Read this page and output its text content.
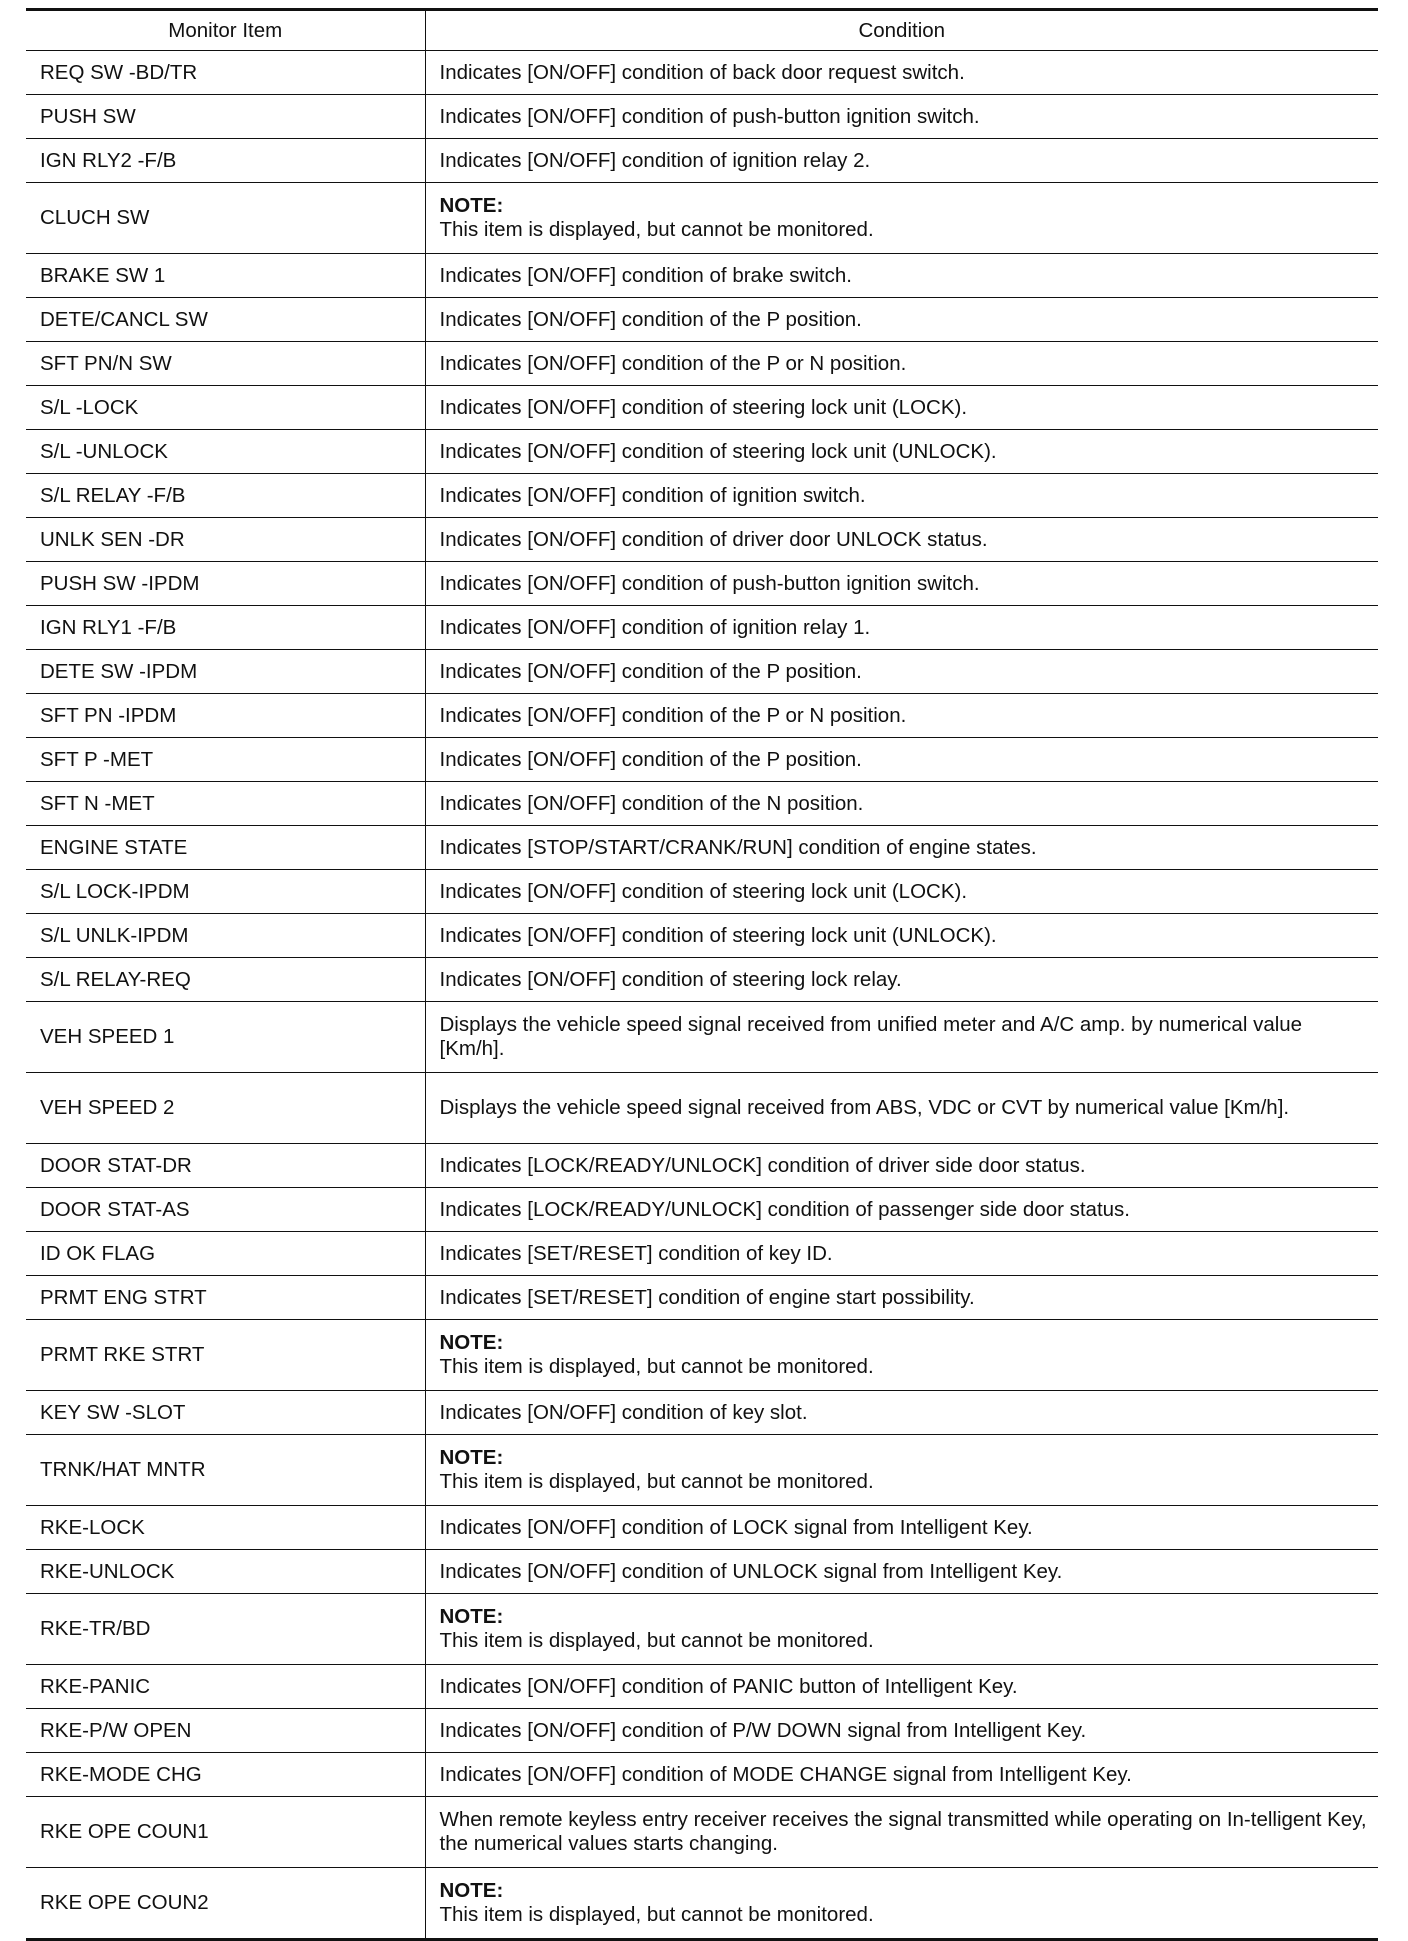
Monitor Item	Condition
REQ SW -BD/TR	Indicates [ON/OFF] condition of back door request switch.
PUSH SW	Indicates [ON/OFF] condition of push-button ignition switch.
IGN RLY2 -F/B	Indicates [ON/OFF] condition of ignition relay 2.
CLUCH SW	NOTE:
This item is displayed, but cannot be monitored.

BRAKE SW 1	Indicates [ON/OFF] condition of brake switch.
DETE/CANCL SW	Indicates [ON/OFF] condition of the P position.
SFT PN/N SW	Indicates [ON/OFF] condition of the P or N position.
S/L -LOCK	Indicates [ON/OFF] condition of steering lock unit (LOCK).
S/L -UNLOCK	Indicates [ON/OFF] condition of steering lock unit (UNLOCK).
S/L RELAY -F/B	Indicates [ON/OFF] condition of ignition switch.
UNLK SEN -DR	Indicates [ON/OFF] condition of driver door UNLOCK status.
PUSH SW -IPDM	Indicates [ON/OFF] condition of push-button ignition switch.
IGN RLY1 -F/B	Indicates [ON/OFF] condition of ignition relay 1.
DETE SW -IPDM	Indicates [ON/OFF] condition of the P position.
SFT PN -IPDM	Indicates [ON/OFF] condition of the P or N position.
SFT P -MET	Indicates [ON/OFF] condition of the P position.
SFT N -MET	Indicates [ON/OFF] condition of the N position.
ENGINE STATE	Indicates [STOP/START/CRANK/RUN] condition of engine states.
S/L LOCK-IPDM	Indicates [ON/OFF] condition of steering lock unit (LOCK).
S/L UNLK-IPDM	Indicates [ON/OFF] condition of steering lock unit (UNLOCK).
S/L RELAY-REQ	Indicates [ON/OFF] condition of steering lock relay.
VEH SPEED 1	Displays the vehicle speed signal received from unified meter and A/C amp. by numerical value [Km/h].
VEH SPEED 2	Displays the vehicle speed signal received from ABS, VDC or CVT by numerical value [Km/h].
DOOR STAT-DR	Indicates [LOCK/READY/UNLOCK] condition of driver side door status.
DOOR STAT-AS	Indicates [LOCK/READY/UNLOCK] condition of passenger side door status.
ID OK FLAG	Indicates [SET/RESET] condition of key ID.
PRMT ENG STRT	Indicates [SET/RESET] condition of engine start possibility.
PRMT RKE STRT	NOTE:
This item is displayed, but cannot be monitored.

KEY SW -SLOT	Indicates [ON/OFF] condition of key slot.
TRNK/HAT MNTR	NOTE:
This item is displayed, but cannot be monitored.

RKE-LOCK	Indicates [ON/OFF] condition of LOCK signal from Intelligent Key.
RKE-UNLOCK	Indicates [ON/OFF] condition of UNLOCK signal from Intelligent Key.
RKE-TR/BD	NOTE:
This item is displayed, but cannot be monitored.

RKE-PANIC	Indicates [ON/OFF] condition of PANIC button of Intelligent Key.
RKE-P/W OPEN	Indicates [ON/OFF] condition of P/W DOWN signal from Intelligent Key.
RKE-MODE CHG	Indicates [ON/OFF] condition of MODE CHANGE signal from Intelligent Key.
RKE OPE COUN1	When remote keyless entry receiver receives the signal transmitted while operating on In-telligent Key, the numerical values starts changing.
RKE OPE COUN2	NOTE:
This item is displayed, but cannot be monitored.
